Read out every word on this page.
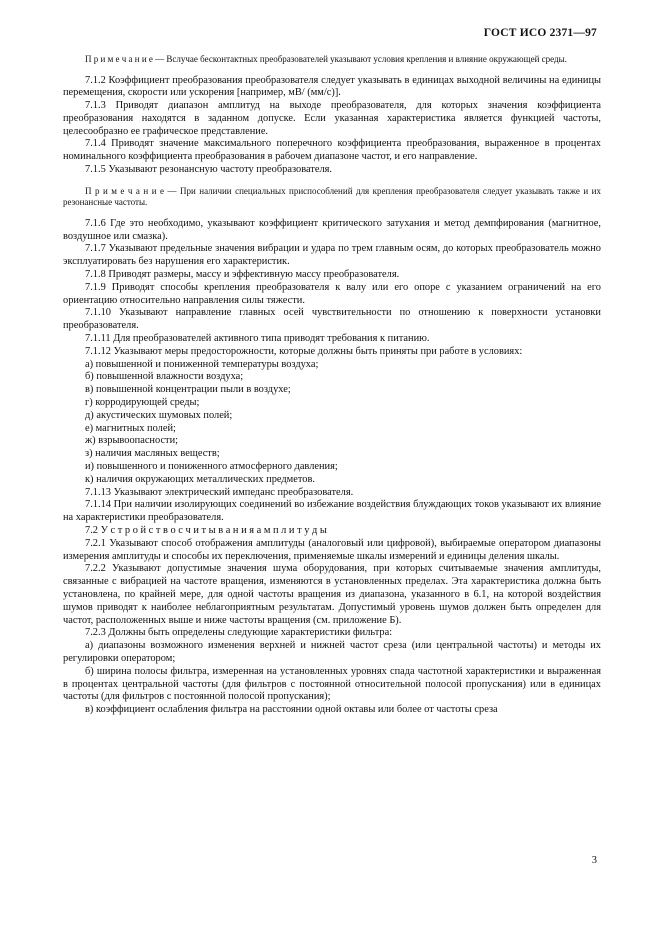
ГОСТ ИСО 2371—97

П р и м е ч а н и е — Вслучае бесконтактных преобразователей указывают условия крепления и влияние окружающей среды.

7.1.2 Коэффициент преобразования преобразователя следует указывать в единицах выходной величины на единицы перемещения, скорости или ускорения [например, мВ/ (мм/с)].

7.1.3 Приводят диапазон амплитуд на выходе преобразователя, для которых значения коэффициента преобразования находятся в заданном допуске. Если указанная характеристика является функцией частоты, целесообразно ее графическое представление.

7.1.4 Приводят значение максимального поперечного коэффициента преобразования, выраженное в процентах номинального коэффициента преобразования в рабочем диапазоне частот, и его направление.

7.1.5 Указывают резонансную частоту преобразователя.

П р и м е ч а н и е — При наличии специальных приспособлений для крепления преобразователя следует указывать также и их резонансные частоты.

7.1.6 Где это необходимо, указывают коэффициент критического затухания и метод демпфирования (магнитное, воздушное или смазка).

7.1.7 Указывают предельные значения вибрации и удара по трем главным осям, до которых преобразователь можно эксплуатировать без нарушения его характеристик.

7.1.8 Приводят размеры, массу и эффективную массу преобразователя.

7.1.9 Приводят способы крепления преобразователя к валу или его опоре с указанием ограничений на его ориентацию относительно направления силы тяжести.

7.1.10 Указывают направление главных осей чувствительности по отношению к поверхности установки преобразователя.

7.1.11 Для преобразователей активного типа приводят требования к питанию.

7.1.12 Указывают меры предосторожности, которые должны быть приняты при работе в условиях:

а) повышенной и пониженной температуры воздуха;

б) повышенной влажности воздуха;

в) повышенной концентрации пыли в воздухе;

г) корродирующей среды;

д) акустических шумовых полей;

е) магнитных полей;

ж) взрывоопасности;

з) наличия масляных веществ;

и) повышенного и пониженного атмосферного давления;

к) наличия окружающих металлических предметов.

7.1.13 Указывают электрический импеданс преобразователя.

7.1.14 При наличии изолирующих соединений во избежание воздействия блуждающих токов указывают их влияние на характеристики преобразователя.

7.2 У с т р о й с т в о с ч и т ы в а н и я а м п л и т у д ы

7.2.1 Указывают способ отображения амплитуды (аналоговый или цифровой), выбираемые оператором диапазоны измерения амплитуды и способы их переключения, применяемые шкалы измерений и единицы деления шкалы.

7.2.2 Указывают допустимые значения шума оборудования, при которых считываемые значения амплитуды, связанные с вибрацией на частоте вращения, изменяются в установленных пределах. Эта характеристика должна быть установлена, по крайней мере, для одной частоты вращения из диапазона, указанного в 6.1, на которой воздействия шумов приводят к наиболее неблагоприятным результатам. Допустимый уровень шумов должен быть определен для частот, расположенных выше и ниже частоты вращения (см. приложение Б).

7.2.3 Должны быть определены следующие характеристики фильтра:

а) диапазоны возможного изменения верхней и нижней частот среза (или центральной частоты) и методы их регулировки оператором;

б) ширина полосы фильтра, измеренная на установленных уровнях спада частотной характеристики и выраженная в процентах центральной частоты (для фильтров с постоянной относительной полосой пропускания) или в единицах частоты (для фильтров с постоянной полосой пропускания);

в) коэффициент ослабления фильтра на расстоянии одной октавы или более от частоты среза

3
